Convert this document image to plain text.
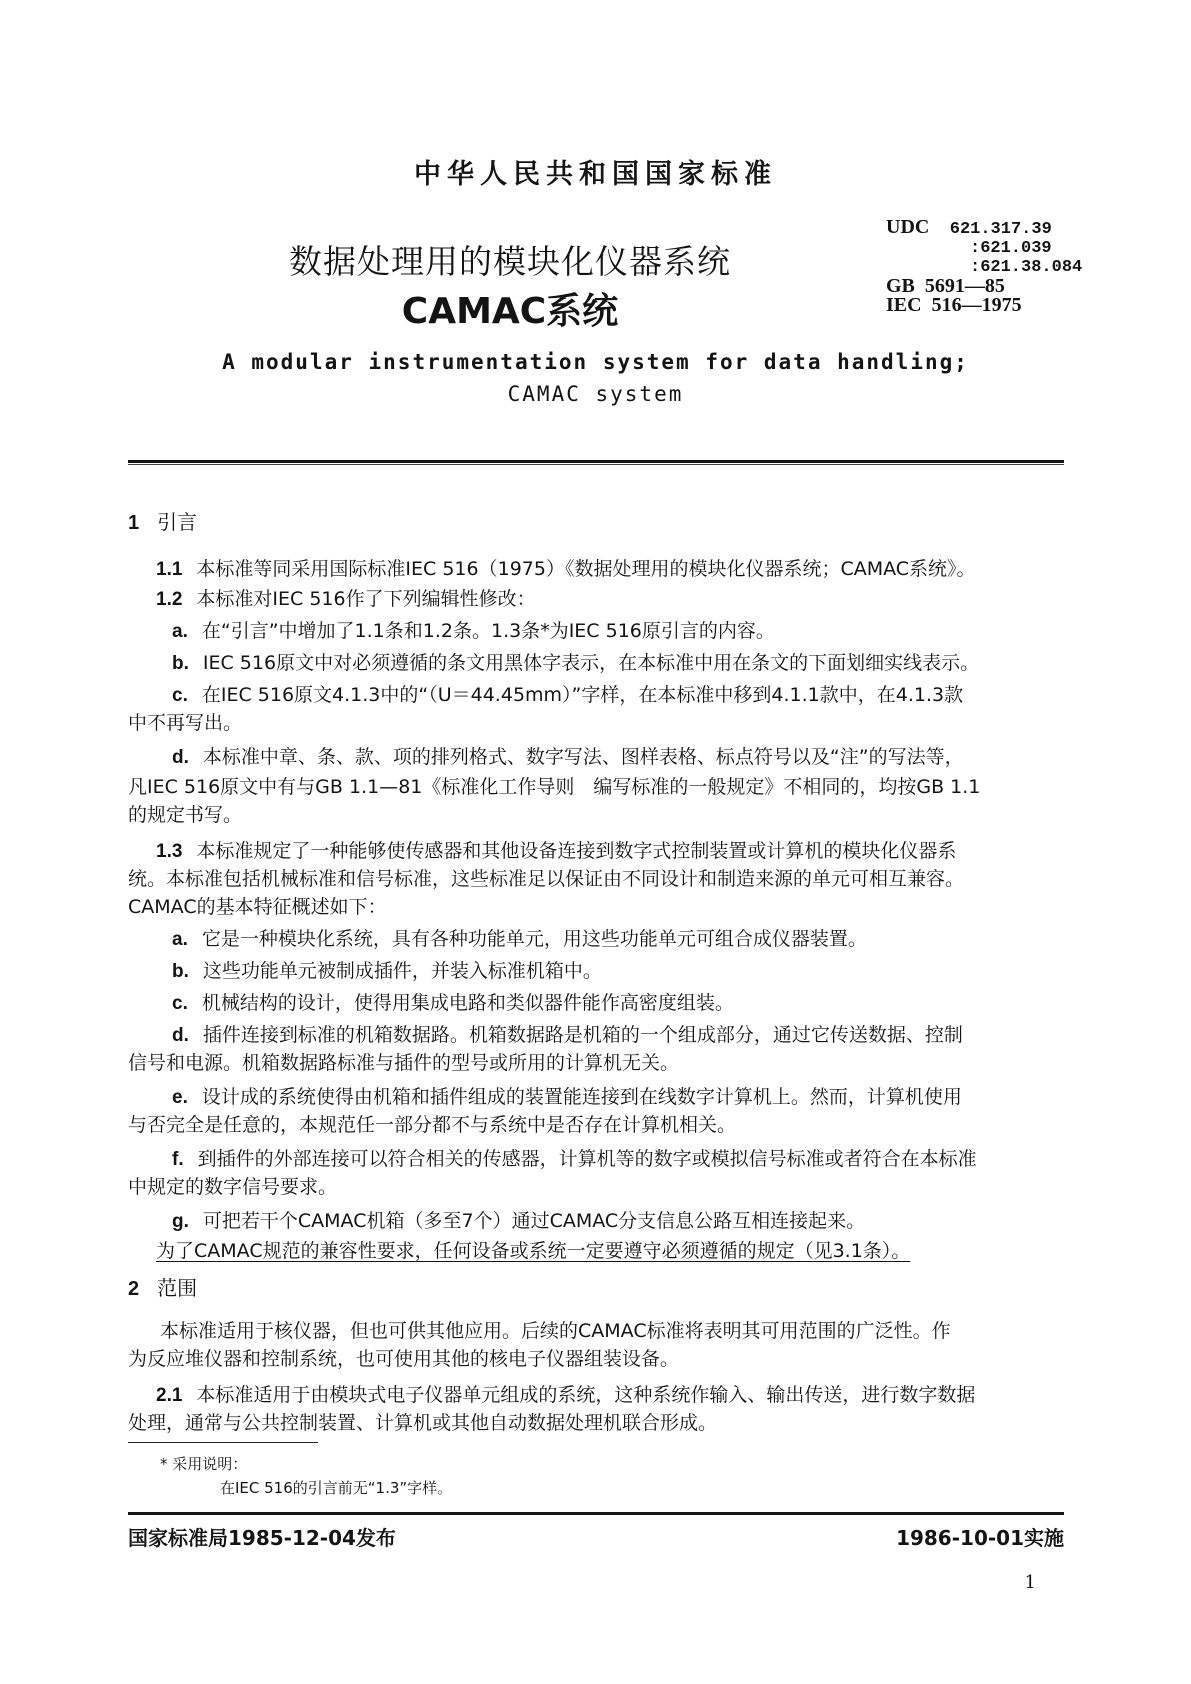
中华人民共和国国家标准
数据处理用的模块化仪器系统
CAMAC系统
UDC 621.317.39
:621.039
:621.38.084
GB  5691—85
IEC  516—1975
A modular instrumentation system for data handling;
CAMAC system
1 引言
1.1 本标准等同采用国际标准IEC 516（1975）《数据处理用的模块化仪器系统；CAMAC系统》。
1.2 本标准对IEC 516作了下列编辑性修改：
a. 在“引言”中增加了1.1条和1.2条。1.3条*为IEC 516原引言的内容。
b. IEC 516原文中对必须遵循的条文用黑体字表示，在本标准中用在条文的下面划细实线表示。
c. 在IEC 516原文4.1.3中的“（U＝44.45mm）”字样，在本标准中移到4.1.1款中，在4.1.3款
中不再写出。
d. 本标准中章、条、款、项的排列格式、数字写法、图样表格、标点符号以及“注”的写法等，
凡IEC 516原文中有与GB 1.1—81《标准化工作导则　编写标准的一般规定》不相同的，均按GB 1.1
的规定书写。
1.3 本标准规定了一种能够使传感器和其他设备连接到数字式控制装置或计算机的模块化仪器系
统。本标准包括机械标准和信号标准，这些标准足以保证由不同设计和制造来源的单元可相互兼容。
CAMAC的基本特征概述如下：
a. 它是一种模块化系统，具有各种功能单元，用这些功能单元可组合成仪器装置。
b. 这些功能单元被制成插件，并装入标准机箱中。
c. 机械结构的设计，使得用集成电路和类似器件能作高密度组装。
d. 插件连接到标准的机箱数据路。机箱数据路是机箱的一个组成部分，通过它传送数据、控制
信号和电源。机箱数据路标准与插件的型号或所用的计算机无关。
e. 设计成的系统使得由机箱和插件组成的装置能连接到在线数字计算机上。然而，计算机使用
与否完全是任意的，本规范任一部分都不与系统中是否存在计算机相关。
f. 到插件的外部连接可以符合相关的传感器，计算机等的数字或模拟信号标准或者符合在本标准
中规定的数字信号要求。
g. 可把若干个CAMAC机箱（多至7个）通过CAMAC分支信息公路互相连接起来。
为了CAMAC规范的兼容性要求，任何设备或系统一定要遵守必须遵循的规定（见3.1条）。
2 范围
本标准适用于核仪器，但也可供其他应用。后续的CAMAC标准将表明其可用范围的广泛性。作
为反应堆仪器和控制系统，也可使用其他的核电子仪器组装设备。
2.1 本标准适用于由模块式电子仪器单元组成的系统，这种系统作输入、输出传送，进行数字数据
处理，通常与公共控制装置、计算机或其他自动数据处理机联合形成。
* 采用说明：
在IEC 516的引言前无“1.3”字样。
国家标准局1985-12-04发布	1986-10-01实施
1
